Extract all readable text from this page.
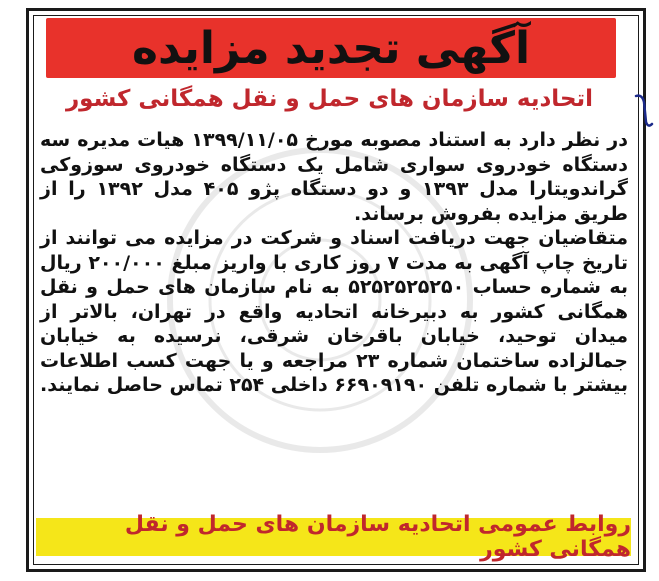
آگهی تجدید مزایده
اتحادیه سازمان های حمل و نقل همگانی کشور

در نظر دارد به استناد مصوبه مورخ ۱۳۹۹/۱۱/۰۵ هیات مدیره سه دستگاه خودروی سواری شامل یک دستگاه خودروی سوزوکی گراندویتارا مدل ۱۳۹۳ و دو دستگاه پژو ۴۰۵ مدل ۱۳۹۲ را از طریق مزایده بفروش برساند.

متقاضیان جهت دریافت اسناد و شرکت در مزایده می توانند از تاریخ چاپ آگهی به مدت ۷ روز کاری با واریز مبلغ ۲۰۰/۰۰۰ ریال به شماره حساب ۵۲۵۲۵۲۵۲۵۰ به نام سازمان های حمل و نقل همگانی کشور به دبیرخانه اتحادیه واقع در تهران، بالاتر از میدان توحید، خیابان باقرخان شرقی، نرسیده به خیابان جمالزاده ساختمان شماره ۲۳ مراجعه و یا جهت کسب اطلاعات بیشتر با شماره تلفن ۶۶۹۰۹۱۹۰ داخلی ۲۵۴ تماس حاصل نمایند.

روابط عمومی اتحادیه سازمان های حمل و نقل همگانی کشور
